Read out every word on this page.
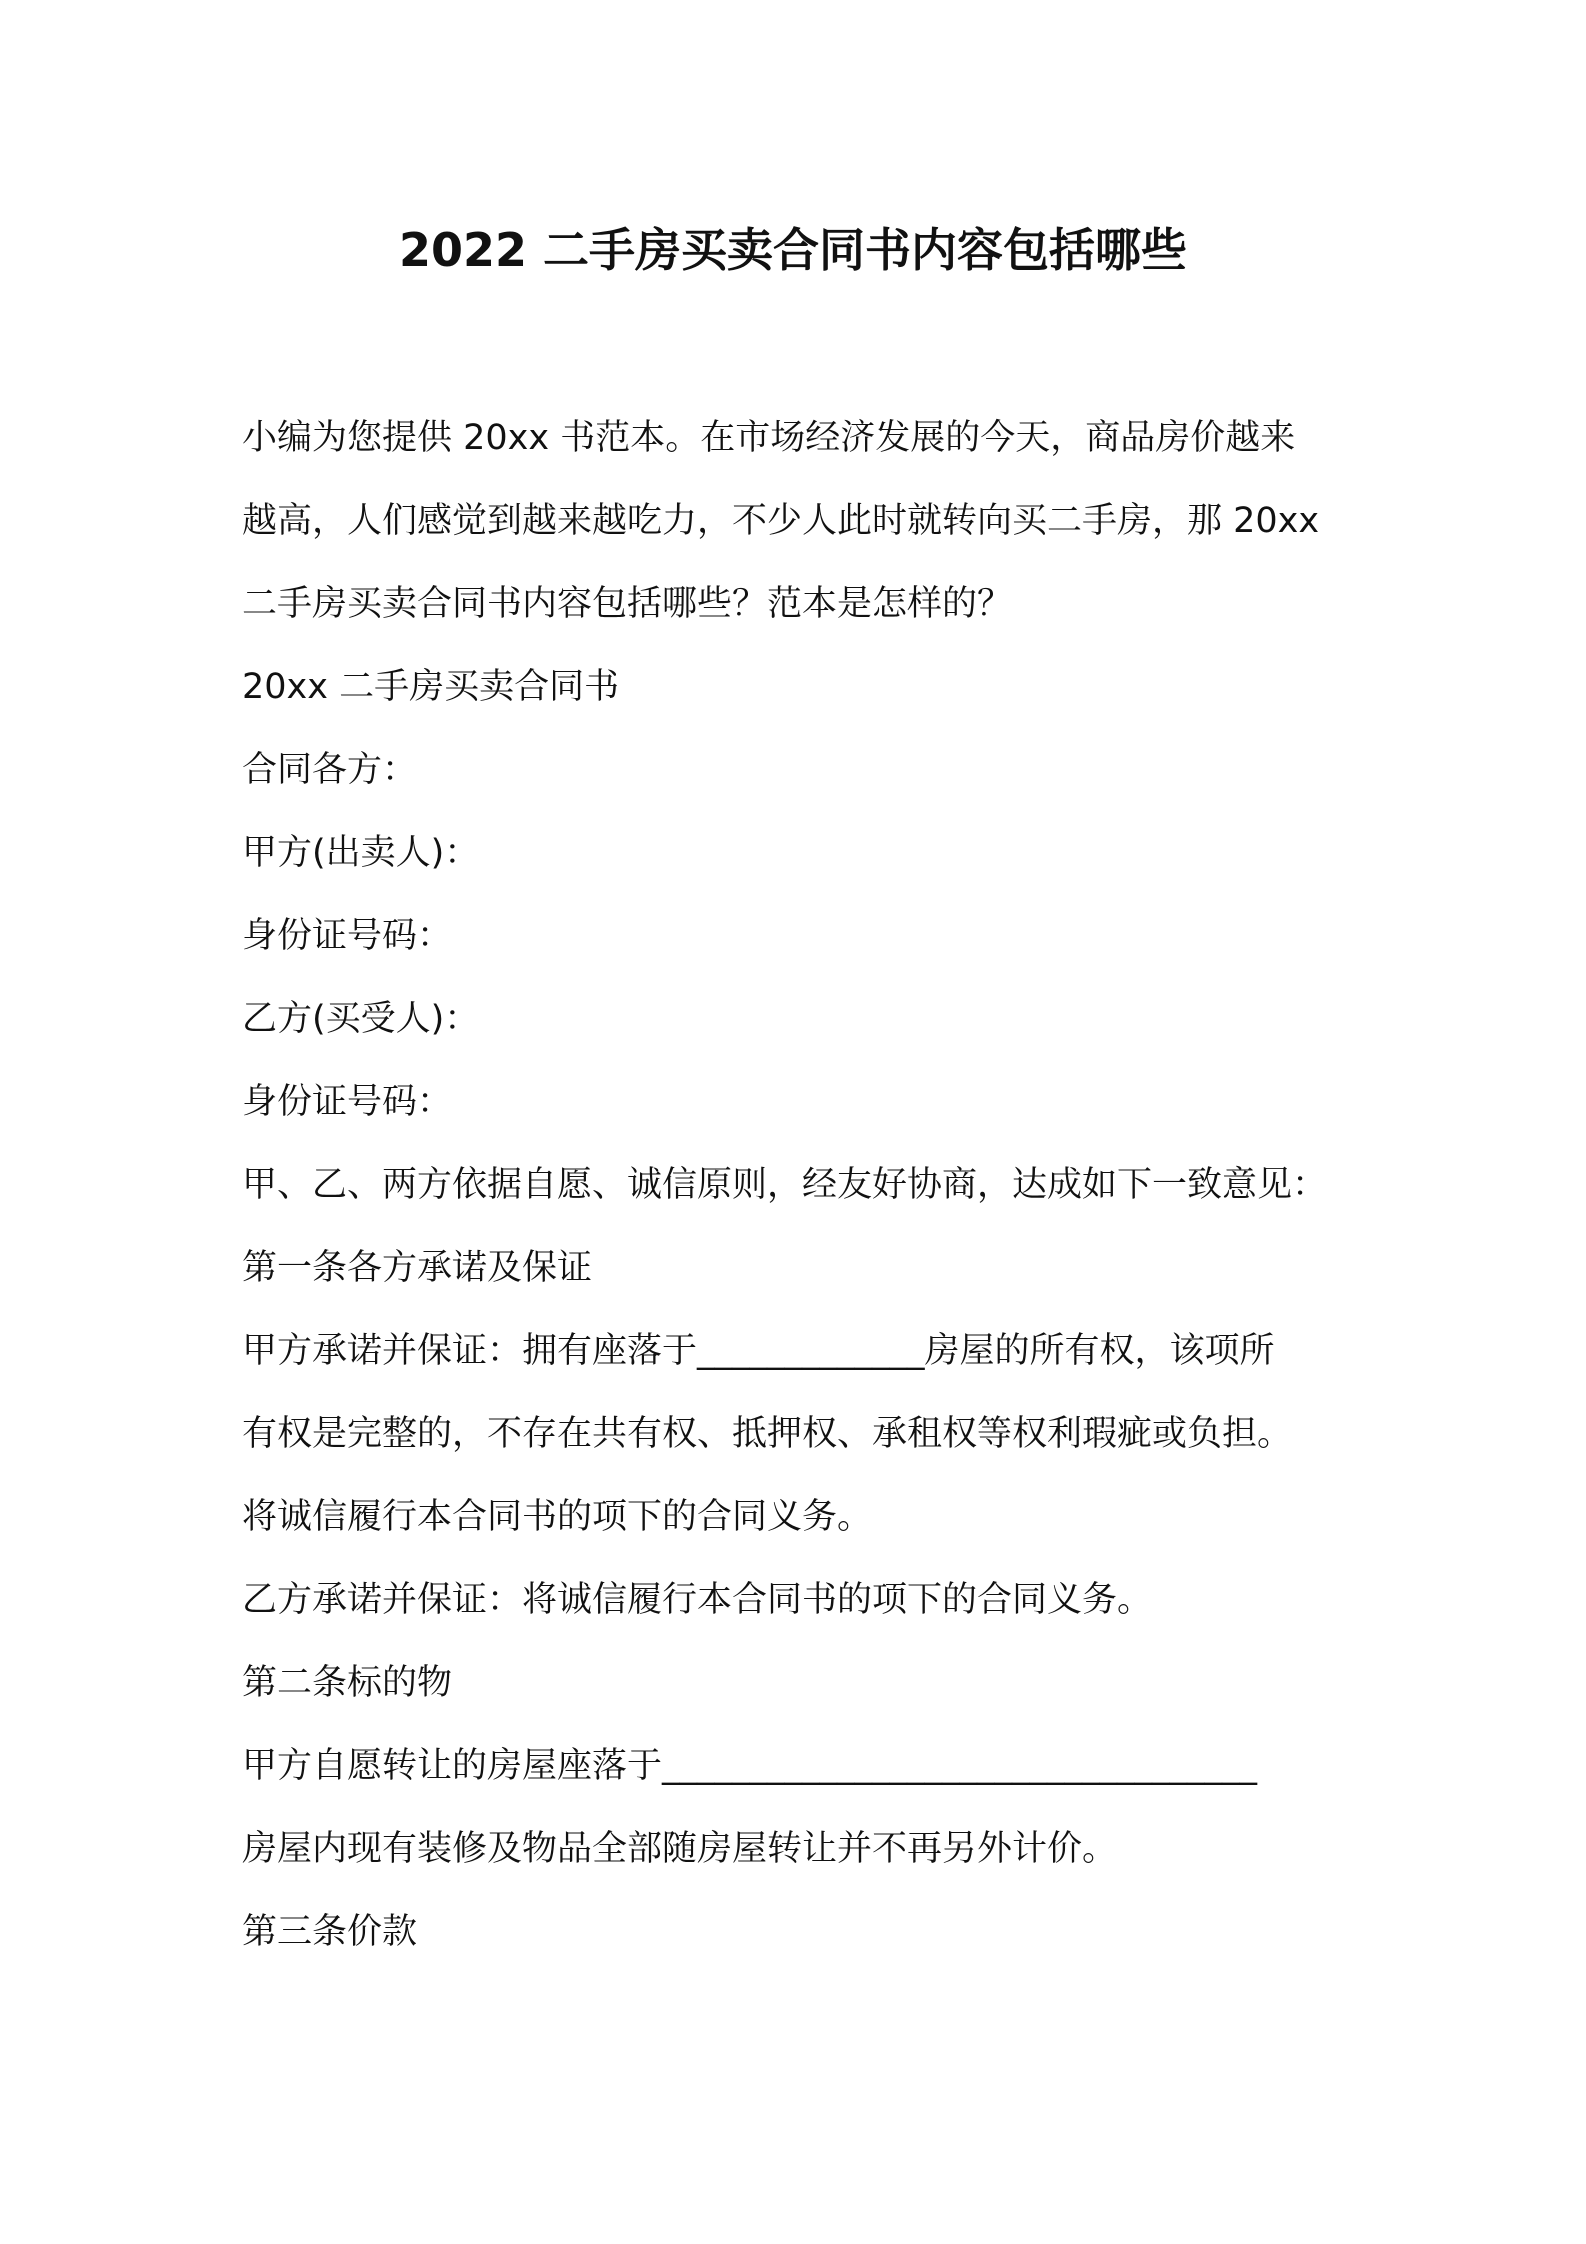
2022 二手房买卖合同书内容包括哪些
小编为您提供 20xx 书范本。在市场经济发展的今天，商品房价越来
越高，人们感觉到越来越吃力，不少人此时就转向买二手房，那 20xx
二手房买卖合同书内容包括哪些？范本是怎样的？
20xx 二手房买卖合同书
合同各方：
甲方(出卖人)：
身份证号码：
乙方(买受人)：
身份证号码：
甲、乙、两方依据自愿、诚信原则，经友好协商，达成如下一致意见：
第一条各方承诺及保证
甲方承诺并保证：拥有座落于_____________房屋的所有权，该项所
有权是完整的，不存在共有权、抵押权、承租权等权利瑕疵或负担。
将诚信履行本合同书的项下的合同义务。
乙方承诺并保证：将诚信履行本合同书的项下的合同义务。
第二条标的物
甲方自愿转让的房屋座落于__________________________________
房屋内现有装修及物品全部随房屋转让并不再另外计价。
第三条价款
